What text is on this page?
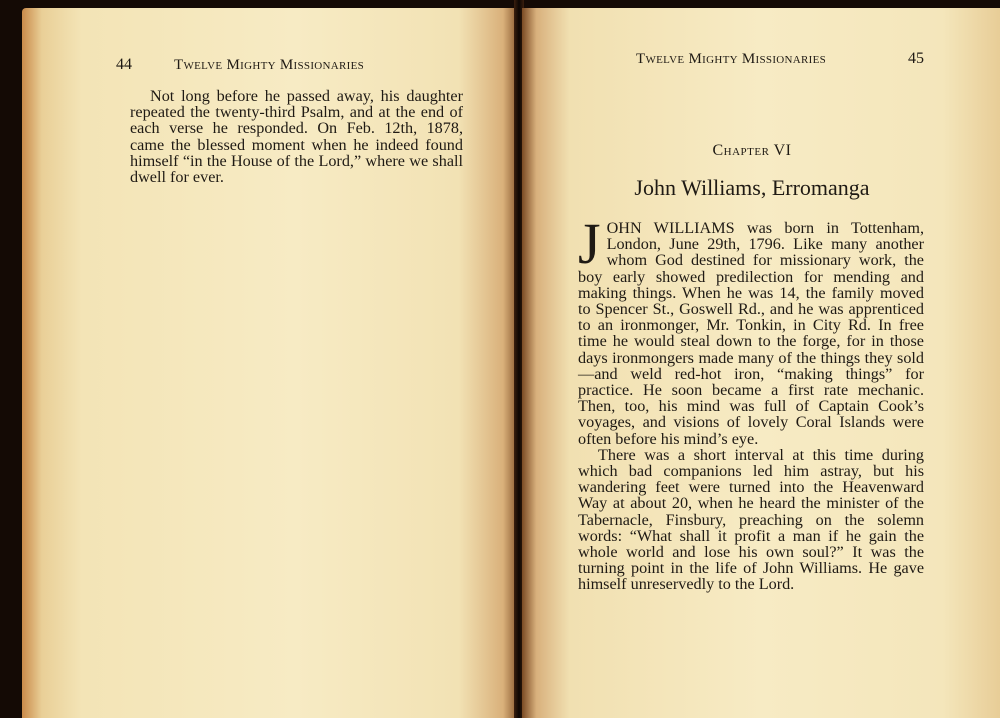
44	Twelve Mighty Missionaries

Not long before he passed away, his daughter repeated the twenty-third Psalm, and at the end of each verse he responded. On Feb. 12th, 1878, came the blessed moment when he indeed found himself “in the House of the Lord,” where we shall dwell for ever.

Twelve Mighty Missionaries	45
Chapter VI
John Williams, Erromanga

JOHN WILLIAMS was born in Tottenham, London, June 29th, 1796. Like many another whom God destined for missionary work, the boy early showed predilection for mending and making things. When he was 14, the family moved to Spencer St., Goswell Rd., and he was apprenticed to an ironmonger, Mr. Tonkin, in City Rd. In free time he would steal down to the forge, for in those days ironmongers made many of the things they sold—and weld red-hot iron, “making things” for practice. He soon became a first rate mechanic. Then, too, his mind was full of Captain Cook’s voyages, and visions of lovely Coral Islands were often before his mind’s eye.

There was a short interval at this time during which bad companions led him astray, but his wandering feet were turned into the Heavenward Way at about 20, when he heard the minister of the Tabernacle, Finsbury, preaching on the solemn words: “What shall it profit a man if he gain the whole world and lose his own soul?” It was the turning point in the life of John Williams. He gave himself unreservedly to the Lord.
